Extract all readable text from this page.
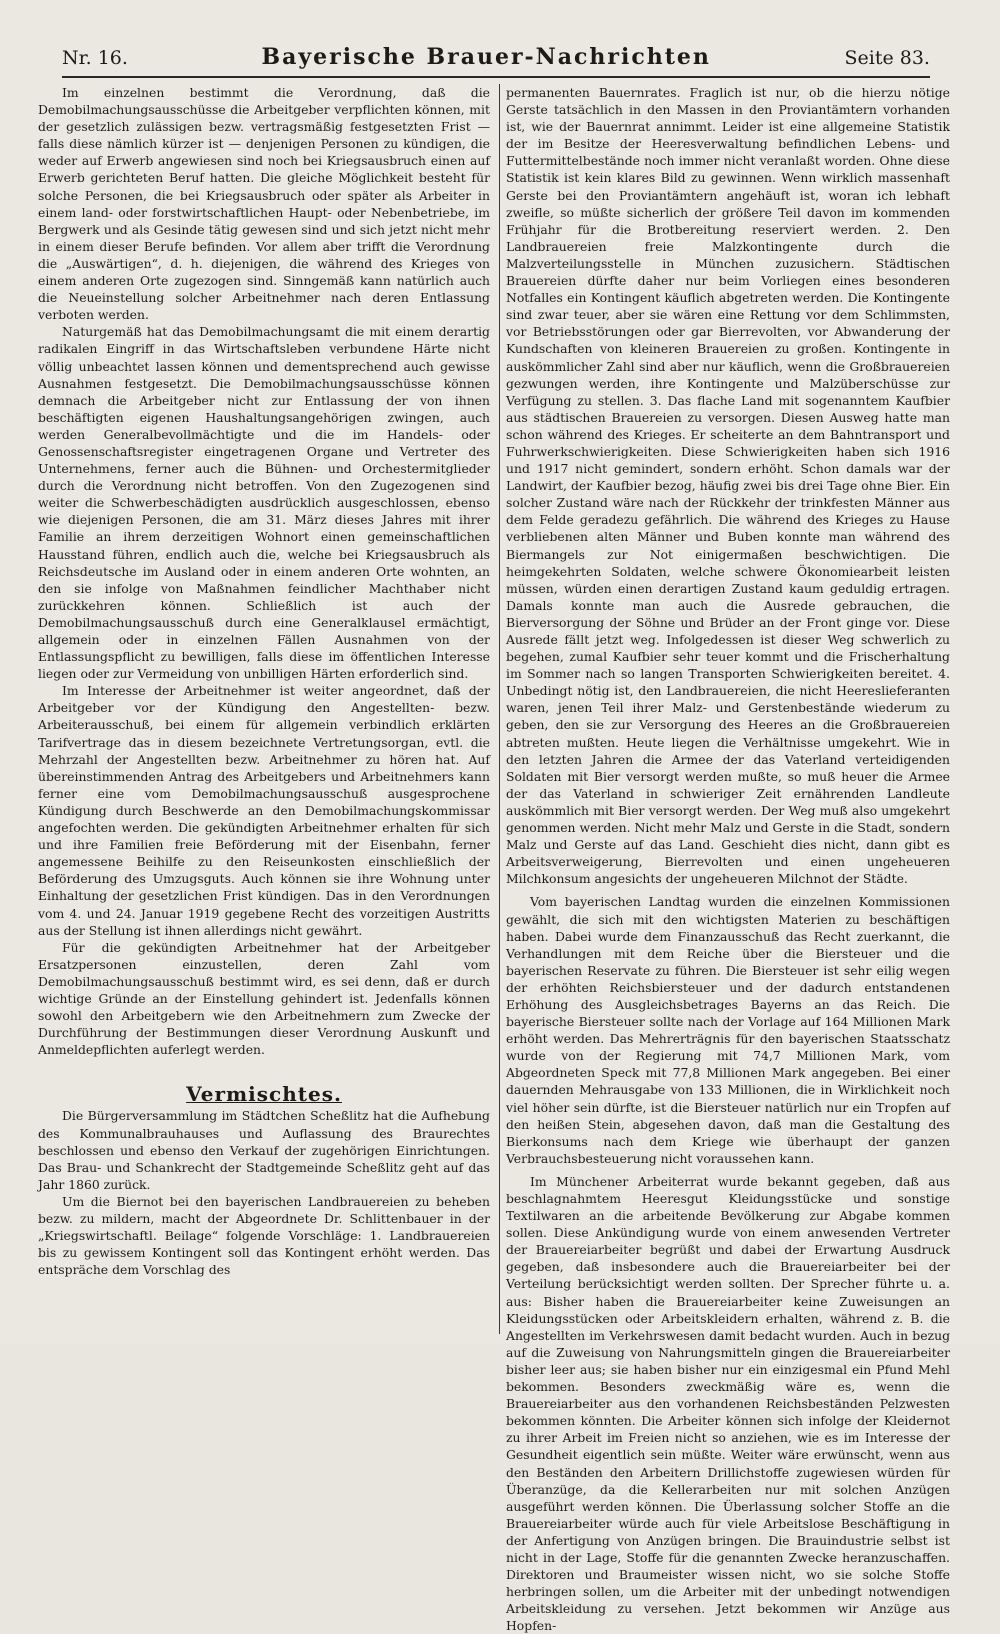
Nr. 16.	Bayerische Brauer-Nachrichten	Seite 83.

Im einzelnen bestimmt die Verordnung, daß die Demobilmachungsausschüsse die Arbeitgeber verpflichten können, mit der gesetzlich zulässigen bezw. vertragsmäßig festgesetzten Frist — falls diese nämlich kürzer ist — denjenigen Personen zu kündigen, die weder auf Erwerb angewiesen sind noch bei Kriegsausbruch einen auf Erwerb gerichteten Beruf hatten. Die gleiche Möglichkeit besteht für solche Personen, die bei Kriegsausbruch oder später als Arbeiter in einem land- oder forstwirtschaftlichen Haupt- oder Nebenbetriebe, im Bergwerk und als Gesinde tätig gewesen sind und sich jetzt nicht mehr in einem dieser Berufe befinden. Vor allem aber trifft die Verordnung die „Auswärtigen“, d. h. diejenigen, die während des Krieges von einem anderen Orte zugezogen sind. Sinngemäß kann natürlich auch die Neueinstellung solcher Arbeitnehmer nach deren Entlassung verboten werden.

Naturgemäß hat das Demobilmachungsamt die mit einem derartig radikalen Eingriff in das Wirtschaftsleben verbundene Härte nicht völlig unbeachtet lassen können und dementsprechend auch gewisse Ausnahmen festgesetzt. Die Demobilmachungsausschüsse können demnach die Arbeitgeber nicht zur Entlassung der von ihnen beschäftigten eigenen Haushaltungsangehörigen zwingen, auch werden Generalbevollmächtigte und die im Handels- oder Genossenschaftsregister eingetragenen Organe und Vertreter des Unternehmens, ferner auch die Bühnen- und Orchestermitglieder durch die Verordnung nicht betroffen. Von den Zugezogenen sind weiter die Schwerbeschädigten ausdrücklich ausgeschlossen, ebenso wie diejenigen Personen, die am 31. März dieses Jahres mit ihrer Familie an ihrem derzeitigen Wohnort einen gemeinschaftlichen Hausstand führen, endlich auch die, welche bei Kriegsausbruch als Reichsdeutsche im Ausland oder in einem anderen Orte wohnten, an den sie infolge von Maßnahmen feindlicher Machthaber nicht zurückkehren können. Schließlich ist auch der Demobilmachungsausschuß durch eine Generalklausel ermächtigt, allgemein oder in einzelnen Fällen Ausnahmen von der Entlassungspflicht zu bewilligen, falls diese im öffentlichen Interesse liegen oder zur Vermeidung von unbilligen Härten erforderlich sind.

Im Interesse der Arbeitnehmer ist weiter angeordnet, daß der Arbeitgeber vor der Kündigung den Angestellten- bezw. Arbeiterausschuß, bei einem für allgemein verbindlich erklärten Tarifvertrage das in diesem bezeichnete Vertretungsorgan, evtl. die Mehrzahl der Angestellten bezw. Arbeitnehmer zu hören hat. Auf übereinstimmenden Antrag des Arbeitgebers und Arbeitnehmers kann ferner eine vom Demobilmachungsausschuß ausgesprochene Kündigung durch Beschwerde an den Demobilmachungskommissar angefochten werden. Die gekündigten Arbeitnehmer erhalten für sich und ihre Familien freie Beförderung mit der Eisenbahn, ferner angemessene Beihilfe zu den Reiseunkosten einschließlich der Beförderung des Umzugsguts. Auch können sie ihre Wohnung unter Einhaltung der gesetzlichen Frist kündigen. Das in den Verordnungen vom 4. und 24. Januar 1919 gegebene Recht des vorzeitigen Austritts aus der Stellung ist ihnen allerdings nicht gewährt.

Für die gekündigten Arbeitnehmer hat der Arbeitgeber Ersatzpersonen einzustellen, deren Zahl vom Demobilmachungsausschuß bestimmt wird, es sei denn, daß er durch wichtige Gründe an der Einstellung gehindert ist. Jedenfalls können sowohl den Arbeitgebern wie den Arbeitnehmern zum Zwecke der Durchführung der Bestimmungen dieser Verordnung Auskunft und Anmeldepflichten auferlegt werden.

Vermischtes.

Die Bürgerversammlung im Städtchen Scheßlitz hat die Aufhebung des Kommunalbrauhauses und Auflassung des Braurechtes beschlossen und ebenso den Verkauf der zugehörigen Einrichtungen. Das Brau- und Schankrecht der Stadtgemeinde Scheßlitz geht auf das Jahr 1860 zurück.

Um die Biernot bei den bayerischen Landbrauereien zu beheben bezw. zu mildern, macht der Abgeordnete Dr. Schlittenbauer in der „Kriegswirtschaftl. Beilage“ folgende Vorschläge: 1. Landbrauereien bis zu gewissem Kontingent soll das Kontingent erhöht werden. Das entspräche dem Vorschlag des

permanenten Bauernrates. Fraglich ist nur, ob die hierzu nötige Gerste tatsächlich in den Massen in den Proviantämtern vorhanden ist, wie der Bauernrat annimmt. Leider ist eine allgemeine Statistik der im Besitze der Heeresverwaltung befindlichen Lebens- und Futtermittelbestände noch immer nicht veranlaßt worden. Ohne diese Statistik ist kein klares Bild zu gewinnen. Wenn wirklich massenhaft Gerste bei den Proviantämtern angehäuft ist, woran ich lebhaft zweifle, so müßte sicherlich der größere Teil davon im kommenden Frühjahr für die Brotbereitung reserviert werden. 2. Den Landbrauereien freie Malzkontingente durch die Malzverteilungsstelle in München zuzusichern. Städtischen Brauereien dürfte daher nur beim Vorliegen eines besonderen Notfalles ein Kontingent käuflich abgetreten werden. Die Kontingente sind zwar teuer, aber sie wären eine Rettung vor dem Schlimmsten, vor Betriebsstörungen oder gar Bierrevolten, vor Abwanderung der Kundschaften von kleineren Brauereien zu großen. Kontingente in auskömmlicher Zahl sind aber nur käuflich, wenn die Großbrauereien gezwungen werden, ihre Kontingente und Malzüberschüsse zur Verfügung zu stellen. 3. Das flache Land mit sogenanntem Kaufbier aus städtischen Brauereien zu versorgen. Diesen Ausweg hatte man schon während des Krieges. Er scheiterte an dem Bahntransport und Fuhrwerkschwierigkeiten. Diese Schwierigkeiten haben sich 1916 und 1917 nicht gemindert, sondern erhöht. Schon damals war der Landwirt, der Kaufbier bezog, häufig zwei bis drei Tage ohne Bier. Ein solcher Zustand wäre nach der Rückkehr der trinkfesten Männer aus dem Felde geradezu gefährlich. Die während des Krieges zu Hause verbliebenen alten Männer und Buben konnte man während des Biermangels zur Not einigermaßen beschwichtigen. Die heimgekehrten Soldaten, welche schwere Ökonomiearbeit leisten müssen, würden einen derartigen Zustand kaum geduldig ertragen. Damals konnte man auch die Ausrede gebrauchen, die Bierversorgung der Söhne und Brüder an der Front ginge vor. Diese Ausrede fällt jetzt weg. Infolgedessen ist dieser Weg schwerlich zu begehen, zumal Kaufbier sehr teuer kommt und die Frischerhaltung im Sommer nach so langen Transporten Schwierigkeiten bereitet. 4. Unbedingt nötig ist, den Landbrauereien, die nicht Heereslieferanten waren, jenen Teil ihrer Malz- und Gerstenbestände wiederum zu geben, den sie zur Versorgung des Heeres an die Großbrauereien abtreten mußten. Heute liegen die Verhältnisse umgekehrt. Wie in den letzten Jahren die Armee der das Vaterland verteidigenden Soldaten mit Bier versorgt werden mußte, so muß heuer die Armee der das Vaterland in schwieriger Zeit ernährenden Landleute auskömmlich mit Bier versorgt werden. Der Weg muß also umgekehrt genommen werden. Nicht mehr Malz und Gerste in die Stadt, sondern Malz und Gerste auf das Land. Geschieht dies nicht, dann gibt es Arbeitsverweigerung, Bierrevolten und einen ungeheueren Milchkonsum angesichts der ungeheueren Milchnot der Städte.

Vom bayerischen Landtag wurden die einzelnen Kommissionen gewählt, die sich mit den wichtigsten Materien zu beschäftigen haben. Dabei wurde dem Finanzausschuß das Recht zuerkannt, die Verhandlungen mit dem Reiche über die Biersteuer und die bayerischen Reservate zu führen. Die Biersteuer ist sehr eilig wegen der erhöhten Reichsbiersteuer und der dadurch entstandenen Erhöhung des Ausgleichsbetrages Bayerns an das Reich. Die bayerische Biersteuer sollte nach der Vorlage auf 164 Millionen Mark erhöht werden. Das Mehrerträgnis für den bayerischen Staatsschatz wurde von der Regierung mit 74,7 Millionen Mark, vom Abgeordneten Speck mit 77,8 Millionen Mark angegeben. Bei einer dauernden Mehrausgabe von 133 Millionen, die in Wirklichkeit noch viel höher sein dürfte, ist die Biersteuer natürlich nur ein Tropfen auf den heißen Stein, abgesehen davon, daß man die Gestaltung des Bierkonsums nach dem Kriege wie überhaupt der ganzen Verbrauchsbesteuerung nicht voraussehen kann.

Im Münchener Arbeiterrat wurde bekannt gegeben, daß aus beschlagnahmtem Heeresgut Kleidungsstücke und sonstige Textilwaren an die arbeitende Bevölkerung zur Abgabe kommen sollen. Diese Ankündigung wurde von einem anwesenden Vertreter der Brauereiarbeiter begrüßt und dabei der Erwartung Ausdruck gegeben, daß insbesondere auch die Brauereiarbeiter bei der Verteilung berücksichtigt werden sollten. Der Sprecher führte u. a. aus: Bisher haben die Brauereiarbeiter keine Zuweisungen an Kleidungsstücken oder Arbeitskleidern erhalten, während z. B. die Angestellten im Verkehrswesen damit bedacht wurden. Auch in bezug auf die Zuweisung von Nahrungsmitteln gingen die Brauereiarbeiter bisher leer aus; sie haben bisher nur ein einzigesmal ein Pfund Mehl bekommen. Besonders zweckmäßig wäre es, wenn die Brauereiarbeiter aus den vorhandenen Reichsbeständen Pelzwesten bekommen könnten. Die Arbeiter können sich infolge der Kleidernot zu ihrer Arbeit im Freien nicht so anziehen, wie es im Interesse der Gesundheit eigentlich sein müßte. Weiter wäre erwünscht, wenn aus den Beständen den Arbeitern Drillichstoffe zugewiesen würden für Überanzüge, da die Kellerarbeiten nur mit solchen Anzügen ausgeführt werden können. Die Überlassung solcher Stoffe an die Brauereiarbeiter würde auch für viele Arbeitslose Beschäftigung in der Anfertigung von Anzügen bringen. Die Brauindustrie selbst ist nicht in der Lage, Stoffe für die genannten Zwecke heranzuschaffen. Direktoren und Braumeister wissen nicht, wo sie solche Stoffe herbringen sollen, um die Arbeiter mit der unbedingt notwendigen Arbeitskleidung zu versehen. Jetzt bekommen wir Anzüge aus Hopfen-
